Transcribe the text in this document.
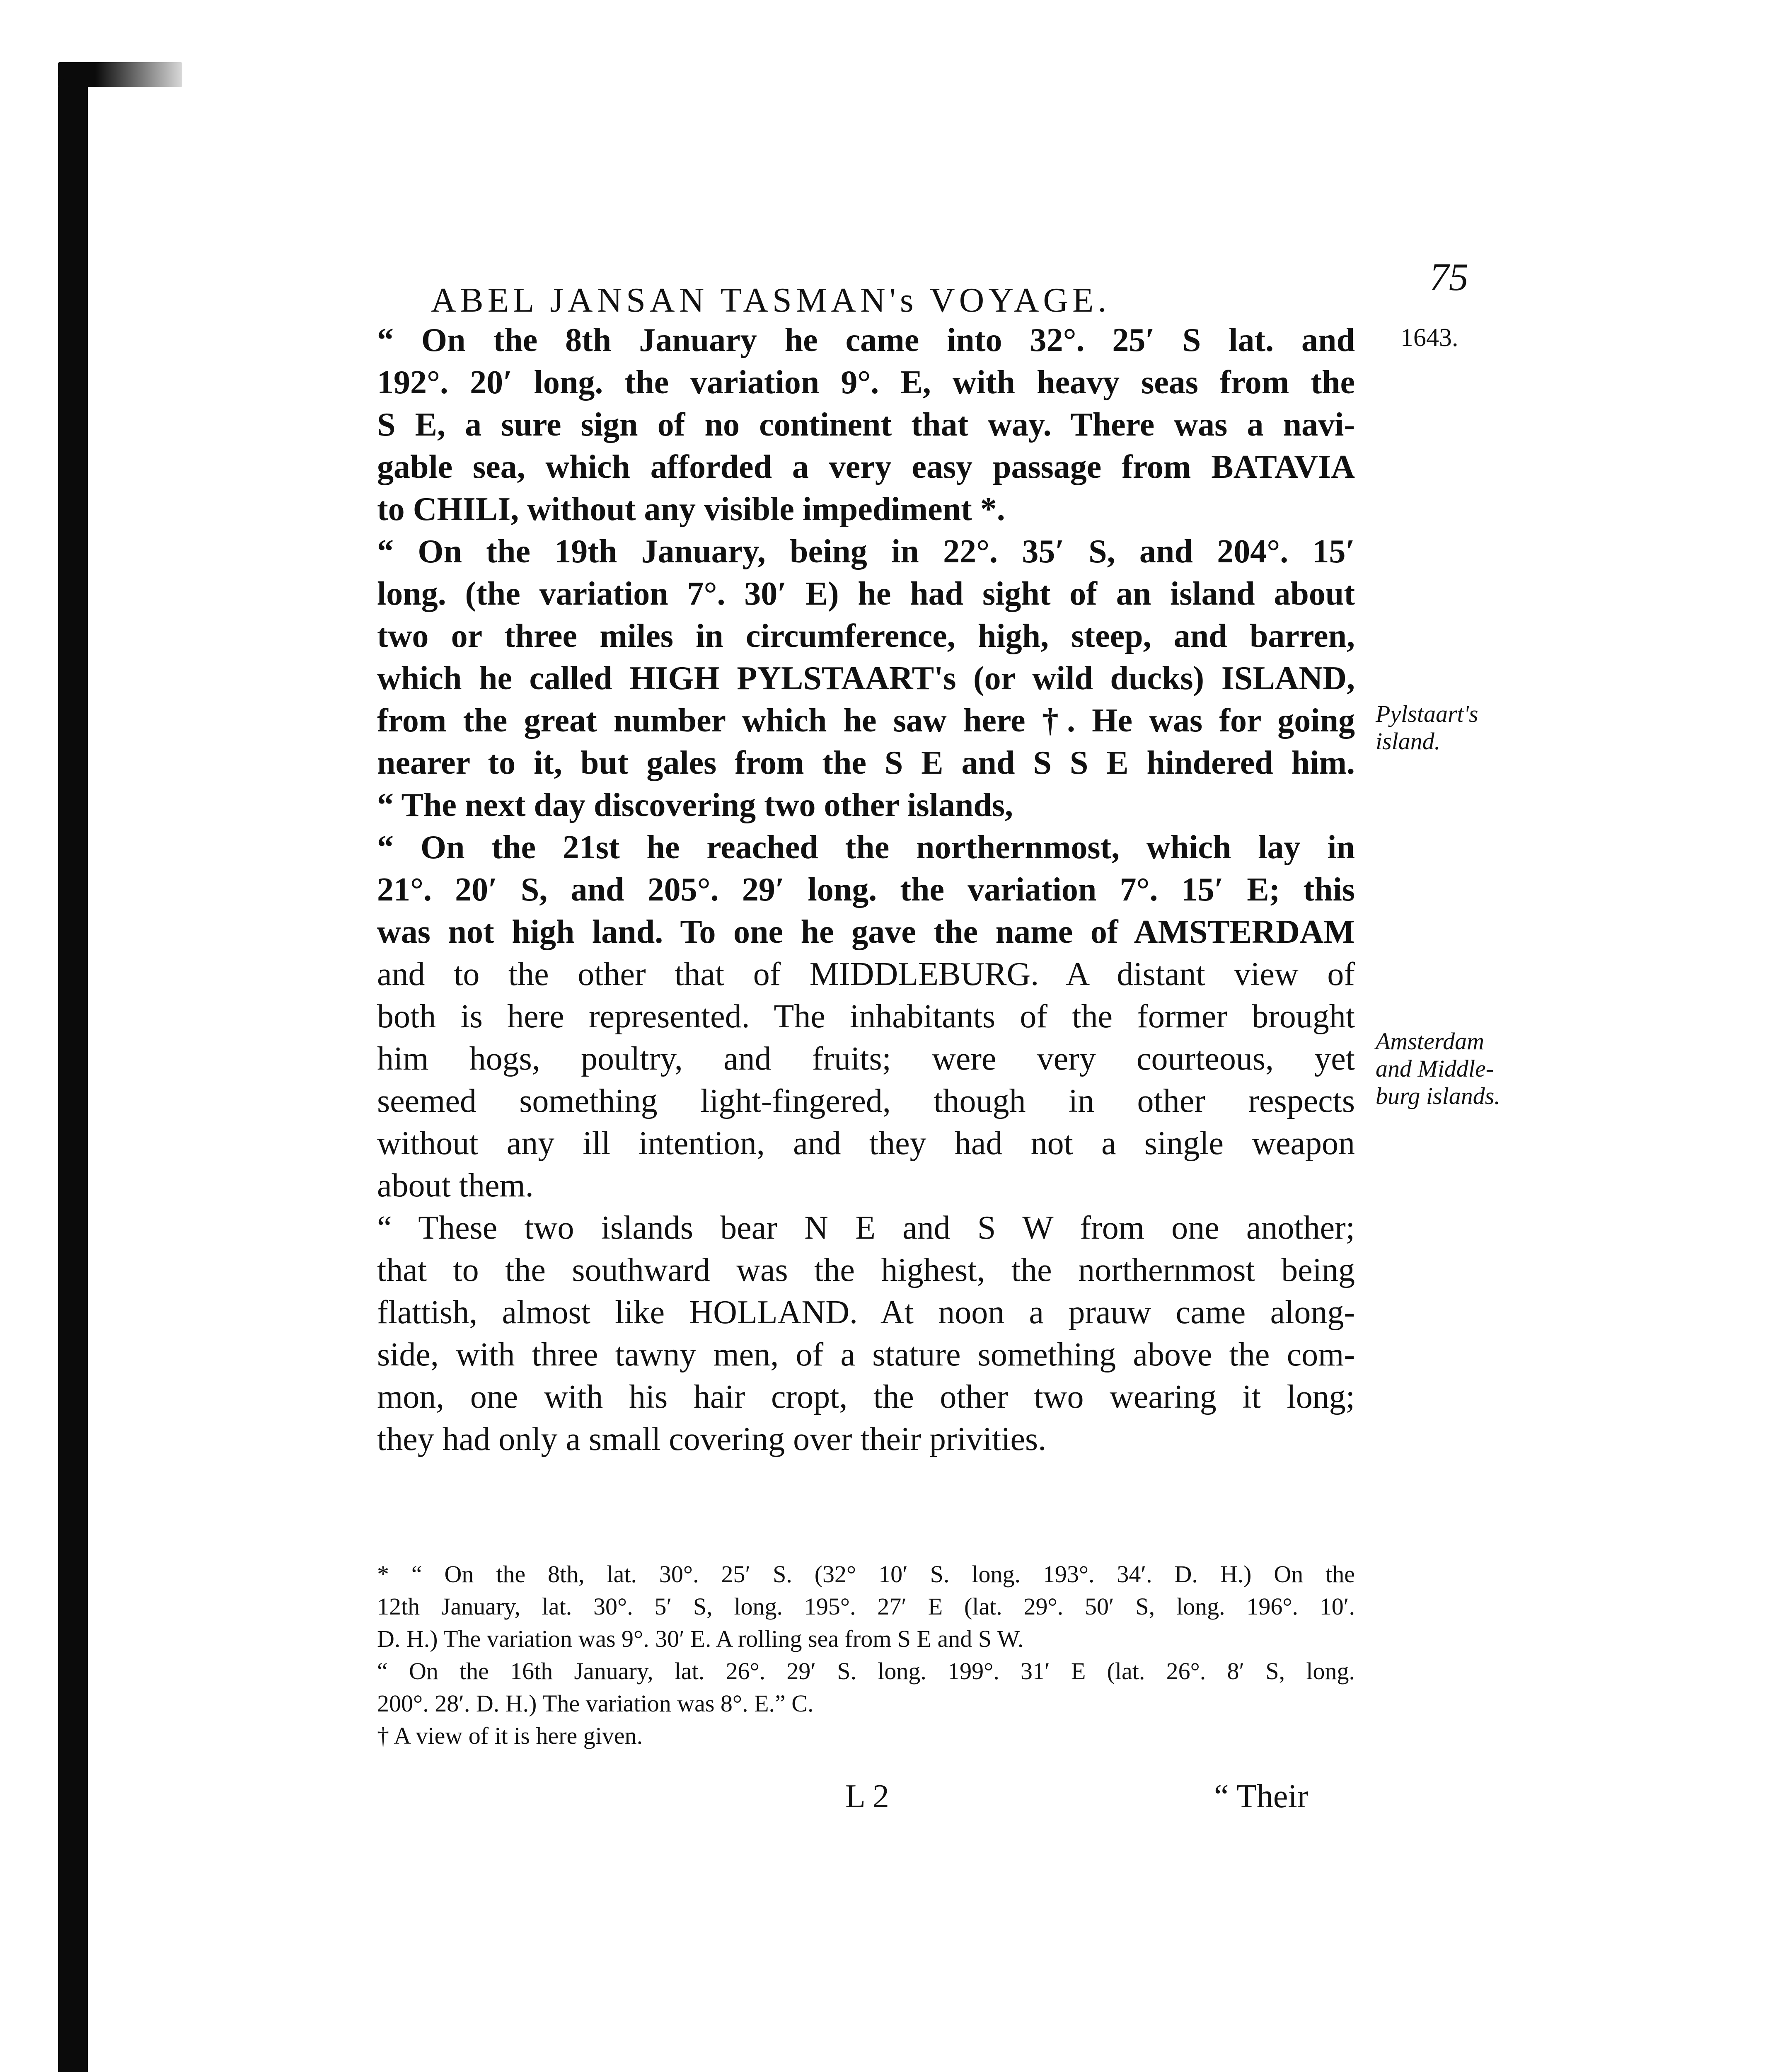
ABEL JANSAN TASMAN's VOYAGE.
75
1643.
“ On the 8th January he came into 32°. 25′ S lat. and
192°. 20′ long. the variation 9°. E, with heavy seas from the
S E, a sure sign of no continent that way. There was a navi-
gable sea, which afforded a very easy passage from BATAVIA
to CHILI, without any visible impediment *.
“ On the 19th January, being in 22°. 35′ S, and 204°. 15′
long. (the variation 7°. 30′ E) he had sight of an island about
two or three miles in circumference, high, steep, and barren,
which he called HIGH PYLSTAART's (or wild ducks) ISLAND,
from the great number which he saw here †. He was for going
nearer to it, but gales from the S E and S S E hindered him.
“ The next day discovering two other islands,
“ On the 21st he reached the northernmost, which lay in
21°. 20′ S, and 205°. 29′ long. the variation 7°. 15′ E; this
was not high land. To one he gave the name of AMSTERDAM
and to the other that of MIDDLEBURG. A distant view of
both is here represented. The inhabitants of the former brought
him hogs, poultry, and fruits; were very courteous, yet
seemed something light-fingered, though in other respects
without any ill intention, and they had not a single weapon
about them.
“ These two islands bear N E and S W from one another;
that to the southward was the highest, the northernmost being
flattish, almost like HOLLAND. At noon a prauw came along-
side, with three tawny men, of a stature something above the com-
mon, one with his hair cropt, the other two wearing it long;
they had only a small covering over their privities.
Pylstaart's
island.
Amsterdam
and Middle-
burg islands.
* “ On the 8th, lat. 30°. 25′ S. (32° 10′ S. long. 193°. 34′. D. H.) On the
12th January, lat. 30°. 5′ S, long. 195°. 27′ E (lat. 29°. 50′ S, long. 196°. 10′.
D. H.) The variation was 9°. 30′ E. A rolling sea from S E and S W.
“ On the 16th January, lat. 26°. 29′ S. long. 199°. 31′ E (lat. 26°. 8′ S, long.
200°. 28′. D. H.) The variation was 8°. E.” C.
† A view of it is here given.
L 2	“ Their
